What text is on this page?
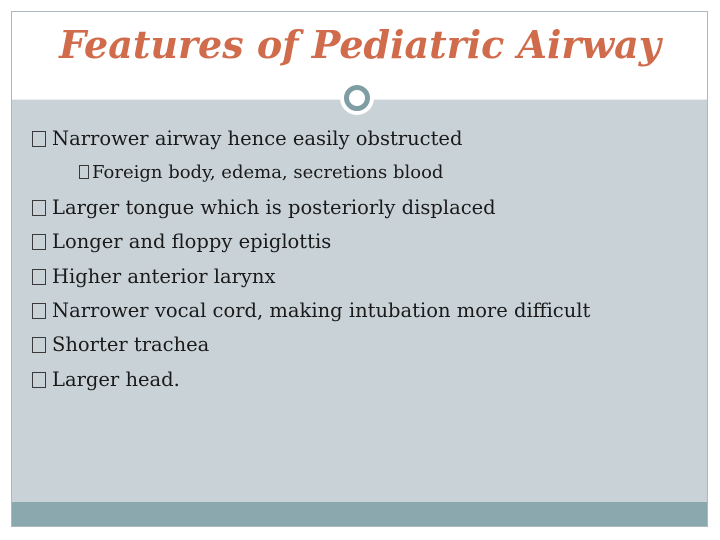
Features of Pediatric Airway
Narrower airway hence easily obstructed
Foreign body, edema, secretions blood
Larger tongue which is posteriorly displaced
Longer and floppy epiglottis
Higher anterior larynx
Narrower vocal cord, making intubation more difficult
Shorter trachea
Larger head.
